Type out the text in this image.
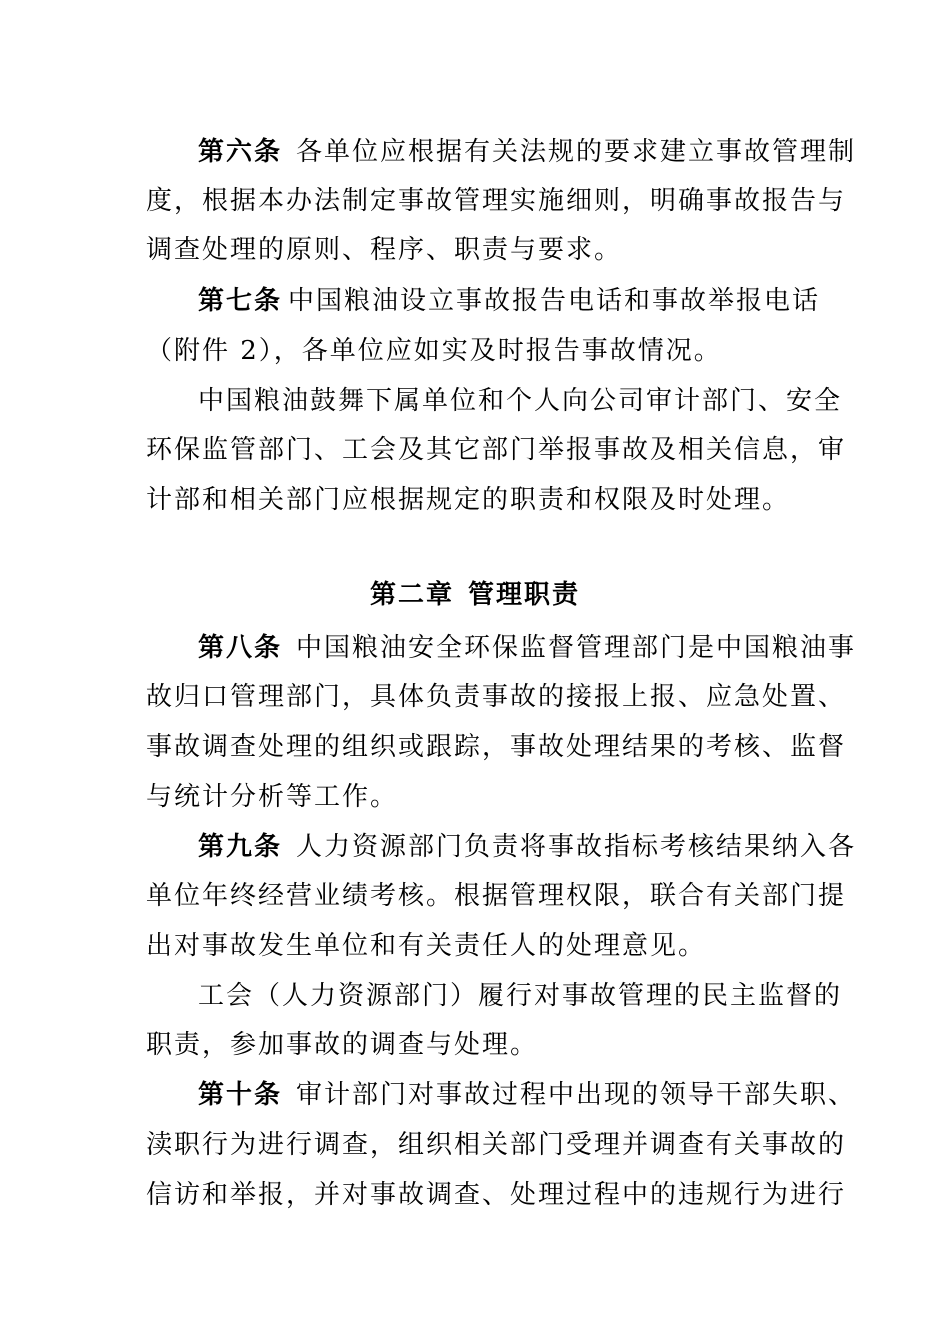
第六条 各单位应根据有关法规的要求建立事故管理制
度，根据本办法制定事故管理实施细则，明确事故报告与
调查处理的原则、程序、职责与要求。
第七条 中国粮油设立事故报告电话和事故举报电话
（附件 2），各单位应如实及时报告事故情况。
中国粮油鼓舞下属单位和个人向公司审计部门、安全
环保监管部门、工会及其它部门举报事故及相关信息，审
计部和相关部门应根据规定的职责和权限及时处理。
第二章 管理职责
第八条 中国粮油安全环保监督管理部门是中国粮油事
故归口管理部门，具体负责事故的接报上报、应急处置、
事故调查处理的组织或跟踪，事故处理结果的考核、监督
与统计分析等工作。
第九条 人力资源部门负责将事故指标考核结果纳入各
单位年终经营业绩考核。根据管理权限，联合有关部门提
出对事故发生单位和有关责任人的处理意见。
工会（人力资源部门）履行对事故管理的民主监督的
职责，参加事故的调查与处理。
第十条 审计部门对事故过程中出现的领导干部失职、
渎职行为进行调查，组织相关部门受理并调查有关事故的
信访和举报，并对事故调查、处理过程中的违规行为进行
